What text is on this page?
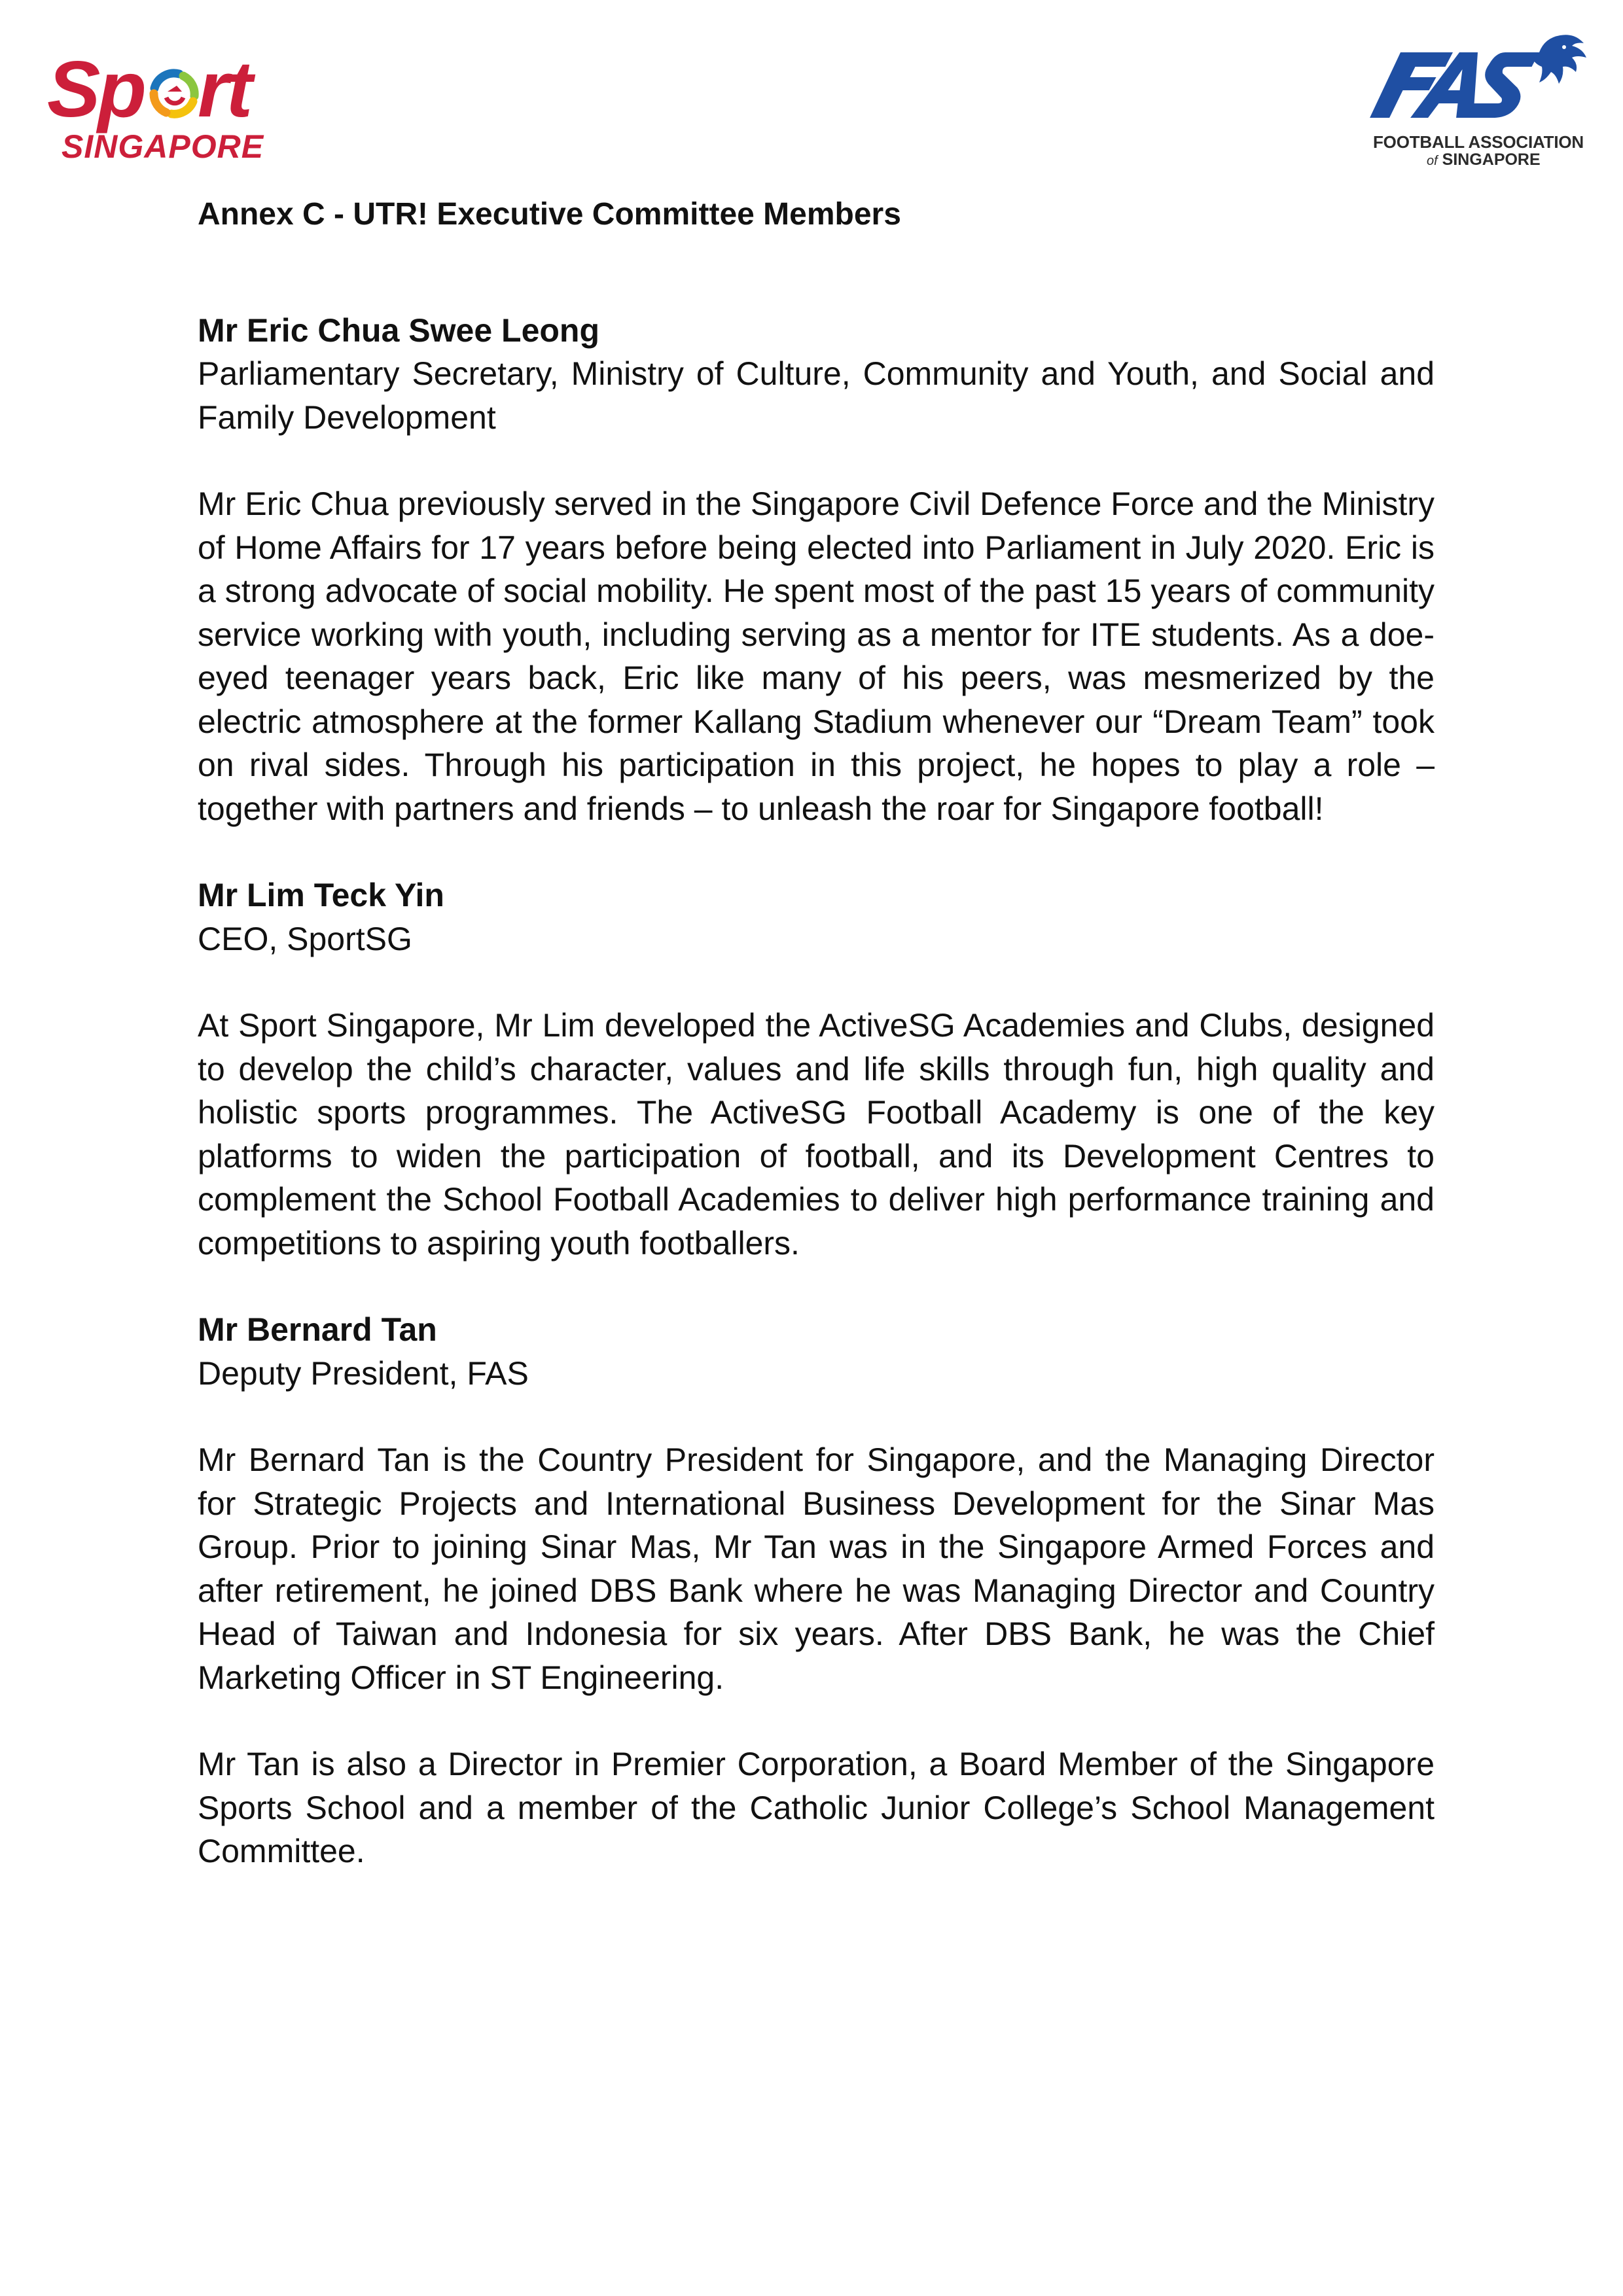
Sp rt
SINGAPORE	FOOTBALL ASSOCIATION
of SINGAPORE
Annex C - UTR! Executive Committee Members

Mr Eric Chua Swee Leong

Parliamentary Secretary, Ministry of Culture, Community and Youth, and Social and Family Development

Mr Eric Chua previously served in the Singapore Civil Defence Force and the Ministry of Home Affairs for 17 years before being elected into Parliament in July 2020. Eric is a strong advocate of social mobility. He spent most of the past 15 years of community service working with youth, including serving as a mentor for ITE students. As a doe-eyed teenager years back, Eric like many of his peers, was mesmerized by the electric atmosphere at the former Kallang Stadium whenever our “Dream Team” took on rival sides. Through his participation in this project, he hopes to play a role – together with partners and friends – to unleash the roar for Singapore football!

Mr Lim Teck Yin

CEO, SportSG

At Sport Singapore, Mr Lim developed the ActiveSG Academies and Clubs, designed to develop the child’s character, values and life skills through fun, high quality and holistic sports programmes. The ActiveSG Football Academy is one of the key platforms to widen the participation of football, and its Development Centres to complement the School Football Academies to deliver high performance training and competitions to aspiring youth footballers.

Mr Bernard Tan

Deputy President, FAS

Mr Bernard Tan is the Country President for Singapore, and the Managing Director for Strategic Projects and International Business Development for the Sinar Mas Group. Prior to joining Sinar Mas, Mr Tan was in the Singapore Armed Forces and after retirement, he joined DBS Bank where he was Managing Director and Country Head of Taiwan and Indonesia for six years. After DBS Bank, he was the Chief Marketing Officer in ST Engineering.

Mr Tan is also a Director in Premier Corporation, a Board Member of the Singapore Sports School and a member of the Catholic Junior College’s School Management Committee.
